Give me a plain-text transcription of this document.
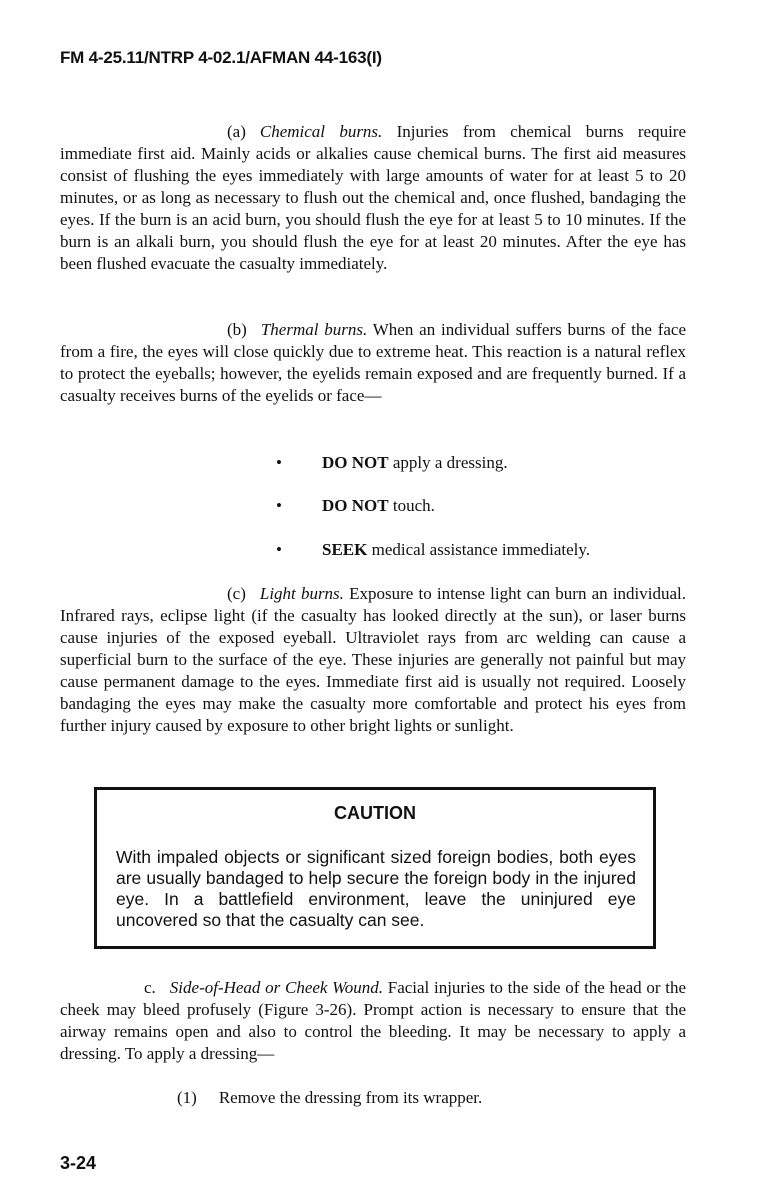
FM 4-25.11/NTRP 4-02.1/AFMAN 44-163(I)

(a) Chemical burns. Injuries from chemical burns require immediate first aid. Mainly acids or alkalies cause chemical burns. The first aid measures consist of flushing the eyes immediately with large amounts of water for at least 5 to 20 minutes, or as long as necessary to flush out the chemical and, once flushed, bandaging the eyes. If the burn is an acid burn, you should flush the eye for at least 5 to 10 minutes. If the burn is an alkali burn, you should flush the eye for at least 20 minutes. After the eye has been flushed evacuate the casualty immediately.

(b) Thermal burns. When an individual suffers burns of the face from a fire, the eyes will close quickly due to extreme heat. This reaction is a natural reflex to protect the eyeballs; however, the eyelids remain exposed and are frequently burned. If a casualty receives burns of the eyelids or face—

• DO NOT apply a dressing.
• DO NOT touch.
• SEEK medical assistance immediately.

(c) Light burns. Exposure to intense light can burn an individual. Infrared rays, eclipse light (if the casualty has looked directly at the sun), or laser burns cause injuries of the exposed eyeball. Ultraviolet rays from arc welding can cause a superficial burn to the surface of the eye. These injuries are generally not painful but may cause permanent damage to the eyes. Immediate first aid is usually not required. Loosely bandaging the eyes may make the casualty more comfortable and protect his eyes from further injury caused by exposure to other bright lights or sunlight.

CAUTION

With impaled objects or significant sized foreign bodies, both eyes are usually bandaged to help secure the foreign body in the injured eye. In a battlefield environment, leave the uninjured eye uncovered so that the casualty can see.

c. Side-of-Head or Cheek Wound. Facial injuries to the side of the head or the cheek may bleed profusely (Figure 3-26). Prompt action is necessary to ensure that the airway remains open and also to control the bleeding. It may be necessary to apply a dressing. To apply a dressing—

(1) Remove the dressing from its wrapper.
3-24
